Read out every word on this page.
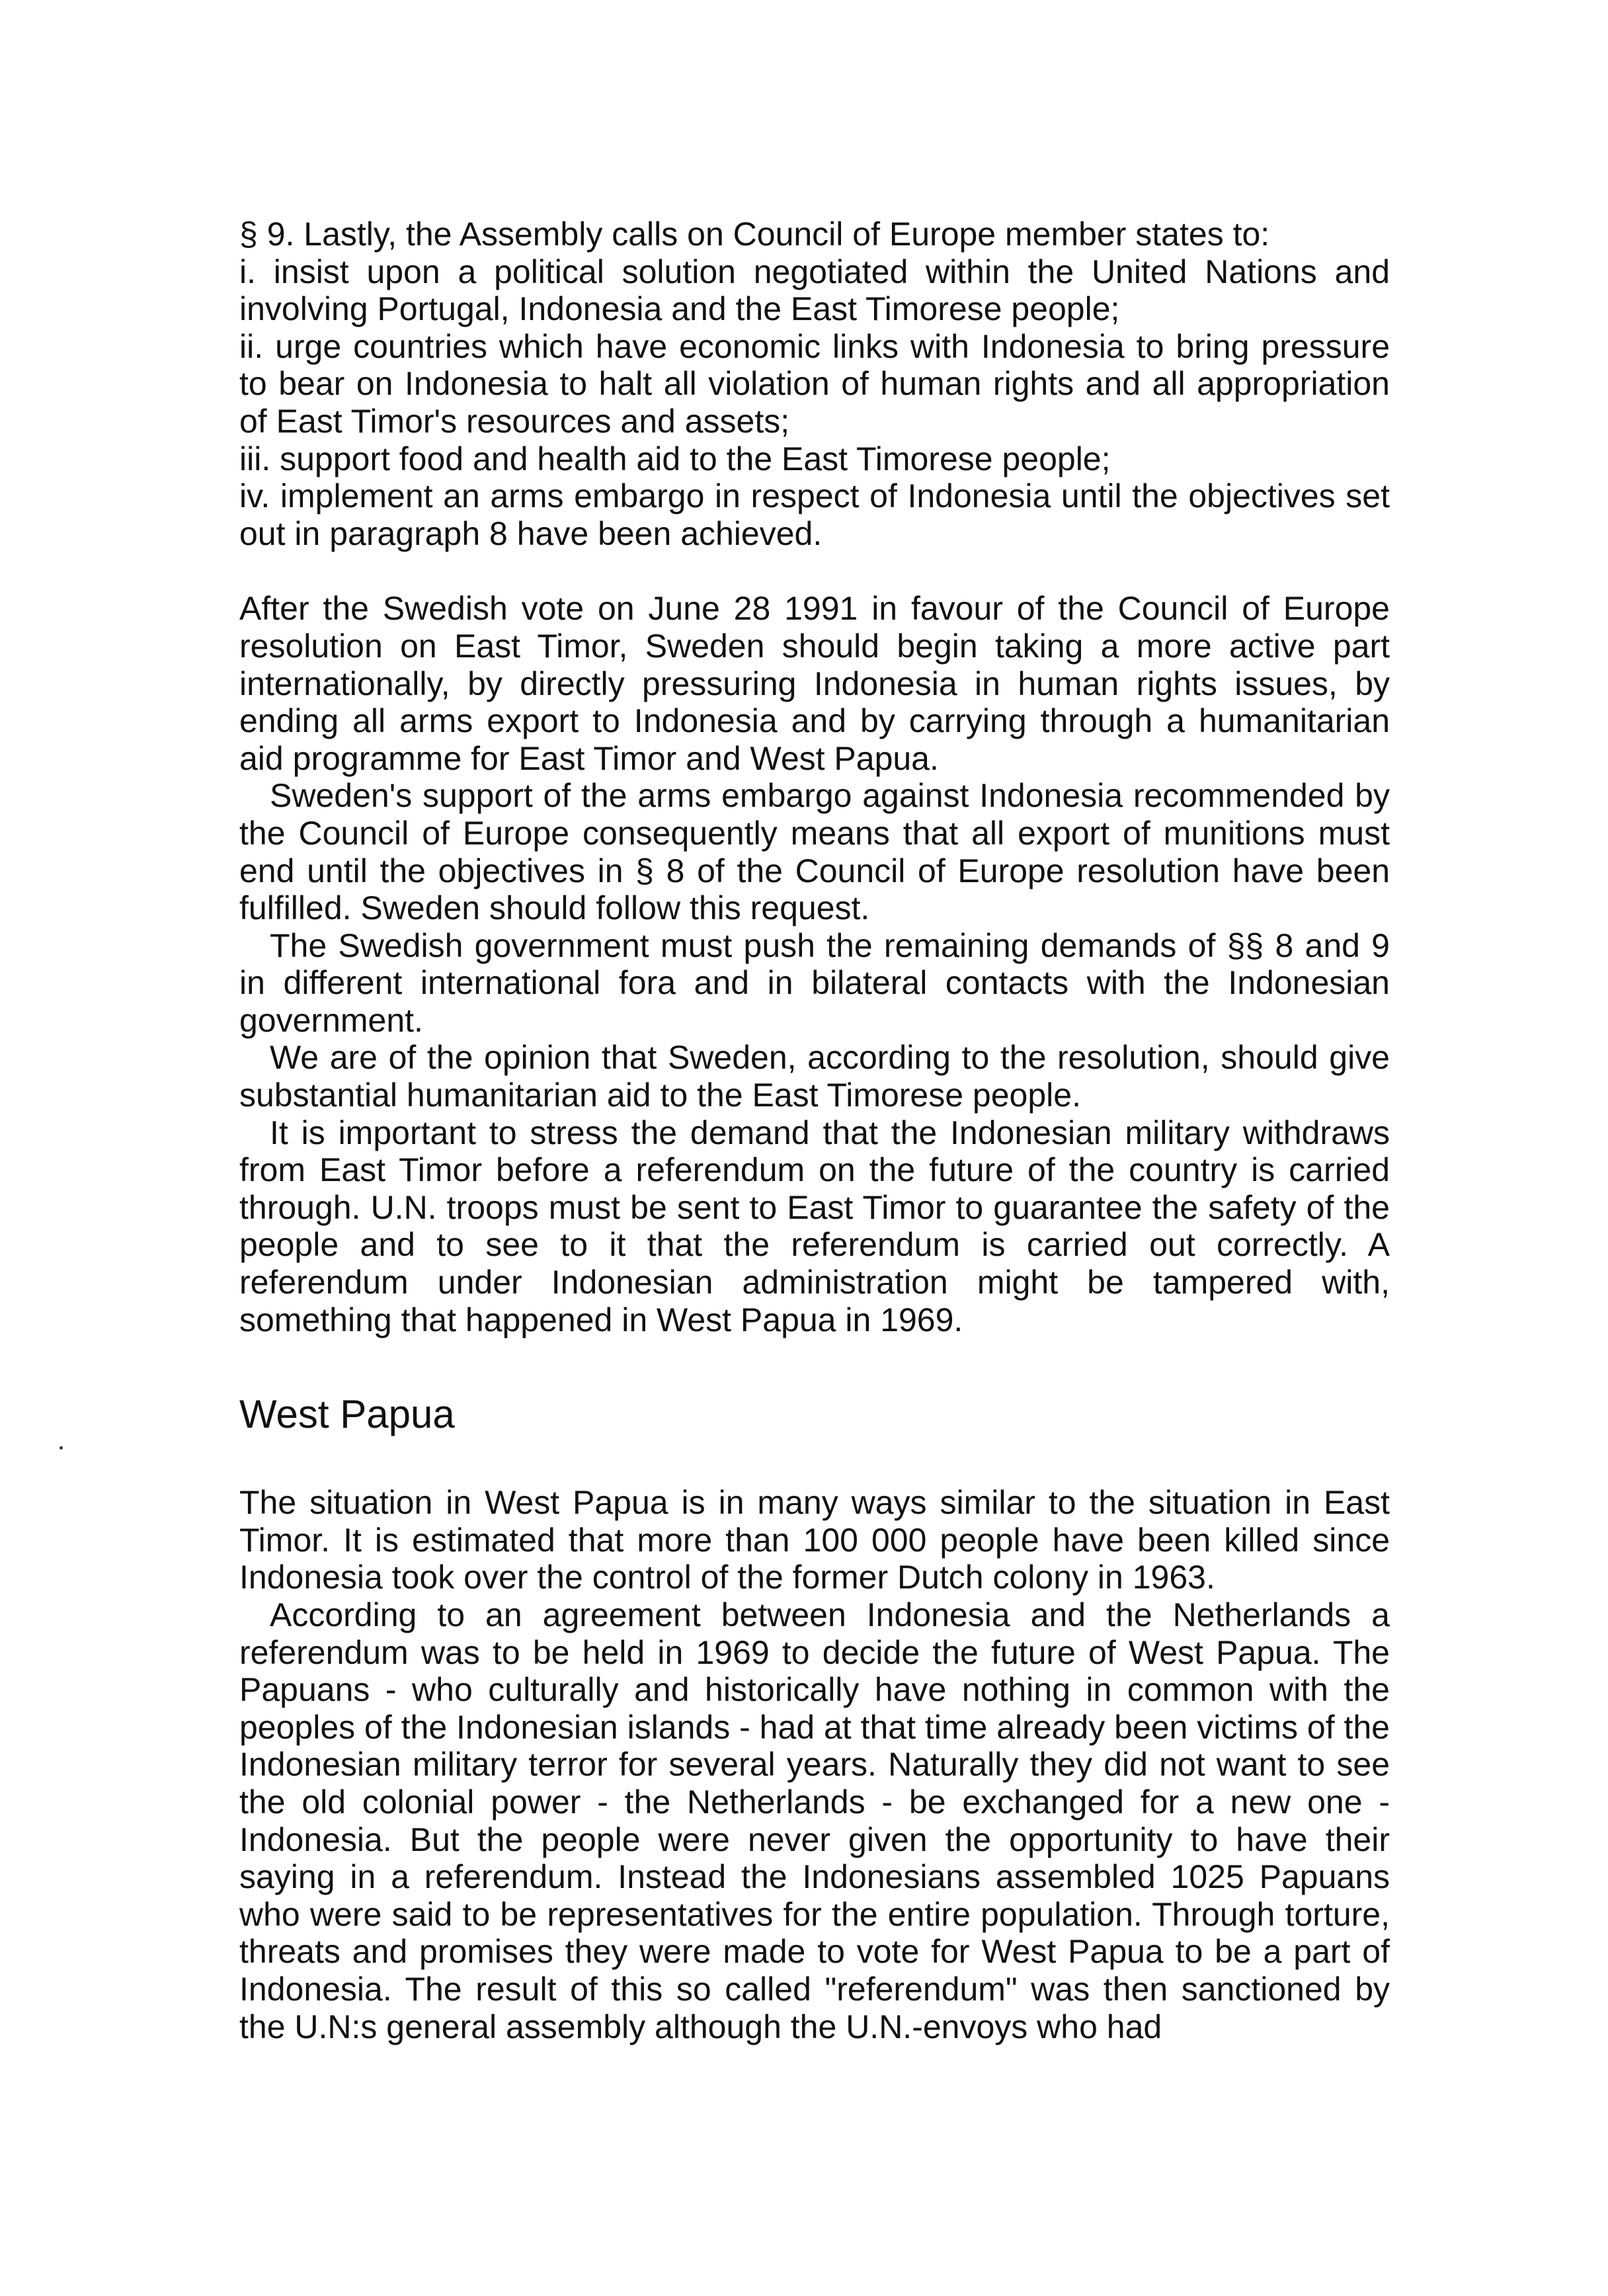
§ 9. Lastly, the Assembly calls on Council of Europe member states to:

i. insist upon a political solution negotiated within the United Nations and involving Portugal, Indonesia and the East Timorese people;

ii. urge countries which have economic links with Indonesia to bring pressure to bear on Indonesia to halt all violation of human rights and all appropriation of East Timor's resources and assets;

iii. support food and health aid to the East Timorese people;

iv. implement an arms embargo in respect of Indonesia until the objectives set out in paragraph 8 have been achieved.

After the Swedish vote on June 28 1991 in favour of the Council of Europe resolution on East Timor, Sweden should begin taking a more active part internationally, by directly pressuring Indonesia in human rights issues, by ending all arms export to Indonesia and by carrying through a humanitarian aid programme for East Timor and West Papua.

Sweden's support of the arms embargo against Indonesia recommended by the Council of Europe consequently means that all export of munitions must end until the objectives in § 8 of the Council of Europe resolution have been fulfilled. Sweden should follow this request.

The Swedish government must push the remaining demands of §§ 8 and 9 in different international fora and in bilateral contacts with the Indonesian government.

We are of the opinion that Sweden, according to the resolution, should give substantial humanitarian aid to the East Timorese people.

It is important to stress the demand that the Indonesian military withdraws from East Timor before a referendum on the future of the country is carried through. U.N. troops must be sent to East Timor to guarantee the safety of the people and to see to it that the referendum is carried out correctly. A referendum under Indonesian administration might be tampered with, something that happened in West Papua in 1969.

West Papua

The situation in West Papua is in many ways similar to the situation in East Timor. It is estimated that more than 100 000 people have been killed since Indonesia took over the control of the former Dutch colony in 1963.

According to an agreement between Indonesia and the Netherlands a referendum was to be held in 1969 to decide the future of West Papua. The Papuans - who culturally and historically have nothing in common with the peoples of the Indonesian islands - had at that time already been victims of the Indonesian military terror for several years. Naturally they did not want to see the old colonial power - the Netherlands - be exchanged for a new one - Indonesia. But the people were never given the opportunity to have their saying in a referendum. Instead the Indonesians assembled 1025 Papuans who were said to be representatives for the entire population. Through torture, threats and promises they were made to vote for West Papua to be a part of Indonesia. The result of this so called "referendum" was then sanctioned by the U.N:s general assembly although the U.N.-envoys who had
